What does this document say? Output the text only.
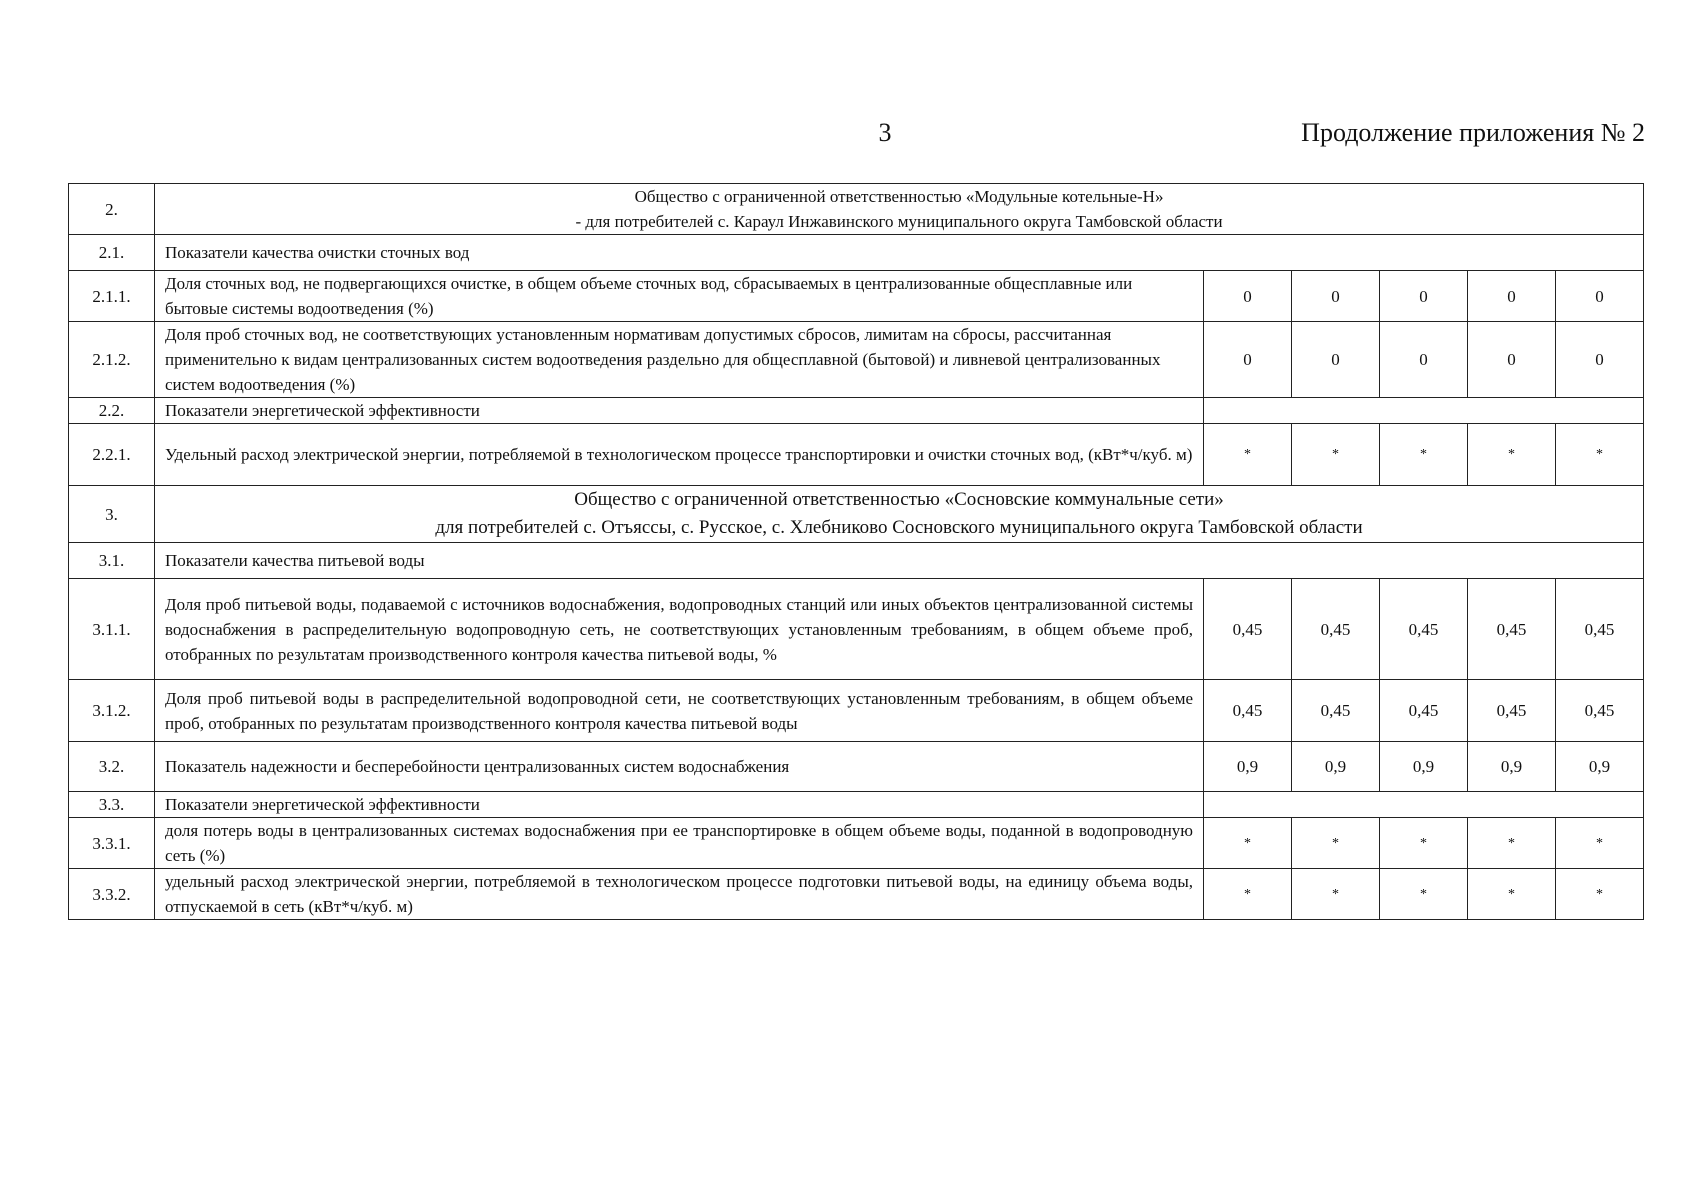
3	Продолжение приложения № 2
2.	Общество с ограниченной ответственностью «Модульные котельные-Н»
- для потребителей с. Караул Инжавинского муниципального округа Тамбовской области					

2.1.	Показатели качества очистки сточных вод					
2.1.1.	Доля сточных вод, не подвергающихся очистке, в общем объеме сточных вод, сбрасываемых в централизованные общесплавные или бытовые системы водоотведения (%)	0	0	0	0	0
2.1.2.	Доля проб сточных вод, не соответствующих установленным нормативам допустимых сбросов, лимитам на сбросы, рассчитанная применительно к видам централизованных систем водоотведения раздельно для общесплавной (бытовой) и ливневой централизованных систем водоотведения (%)	0	0	0	0	0
2.2.	Показатели энергетической эффективности					
2.2.1.	Удельный расход электрической энергии, потребляемой в технологическом процессе транспортировки и очистки сточных вод, (кВт*ч/куб. м)	*	*	*	*	*
3.	Общество с ограниченной ответственностью «Сосновские коммунальные сети»
для потребителей с. Отъяссы, с. Русское, с. Хлебниково Сосновского муниципального округа Тамбовской области					

3.1.	Показатели качества питьевой воды					
3.1.1.	Доля проб питьевой воды, подаваемой с источников водоснабжения, водопроводных станций или иных объектов централизованной системы водоснабжения в распределительную водопроводную сеть, не соответствующих установленным требованиям, в общем объеме проб, отобранных по результатам производственного контроля качества питьевой воды, %	0,45	0,45	0,45	0,45	0,45
3.1.2.	Доля проб питьевой воды в распределительной водопроводной сети, не соответствующих установленным требованиям, в общем объеме проб, отобранных по результатам производственного контроля качества питьевой воды	0,45	0,45	0,45	0,45	0,45
3.2.	Показатель надежности и бесперебойности централизованных систем водоснабжения	0,9	0,9	0,9	0,9	0,9
3.3.	Показатели энергетической эффективности					
3.3.1.	доля потерь воды в централизованных системах водоснабжения при ее транспортировке в общем объеме воды, поданной в водопроводную сеть (%)	*	*	*	*	*
3.3.2.	удельный расход электрической энергии, потребляемой в технологическом процессе подготовки питьевой воды, на единицу объема воды, отпускаемой в сеть (кВт*ч/куб. м)	*	*	*	*	*
